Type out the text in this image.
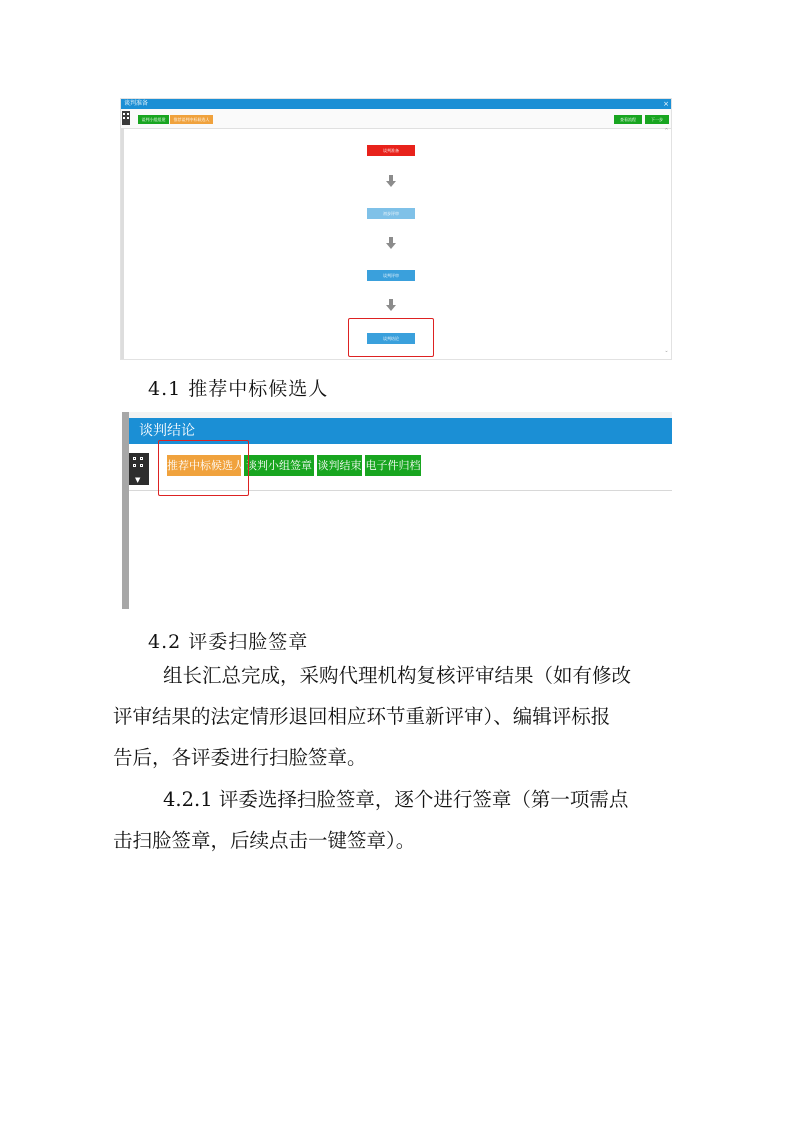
谈判准备	×
谈判小组组建	推荐谈判中标候选人	查看流程	下一步
^
⌄
谈判准备
初步评审
谈判评审
谈判结论
4.1 推荐中标候选人
谈判结论
▼
推荐中标候选人 谈判小组签章 谈判结束 电子件归档
4.2 评委扫脸签章
组长汇总完成，采购代理机构复核评审结果（如有修改
评审结果的法定情形退回相应环节重新评审）、编辑评标报
告后，各评委进行扫脸签章。
4.2.1 评委选择扫脸签章，逐个进行签章（第一项需点
击扫脸签章，后续点击一键签章）。
